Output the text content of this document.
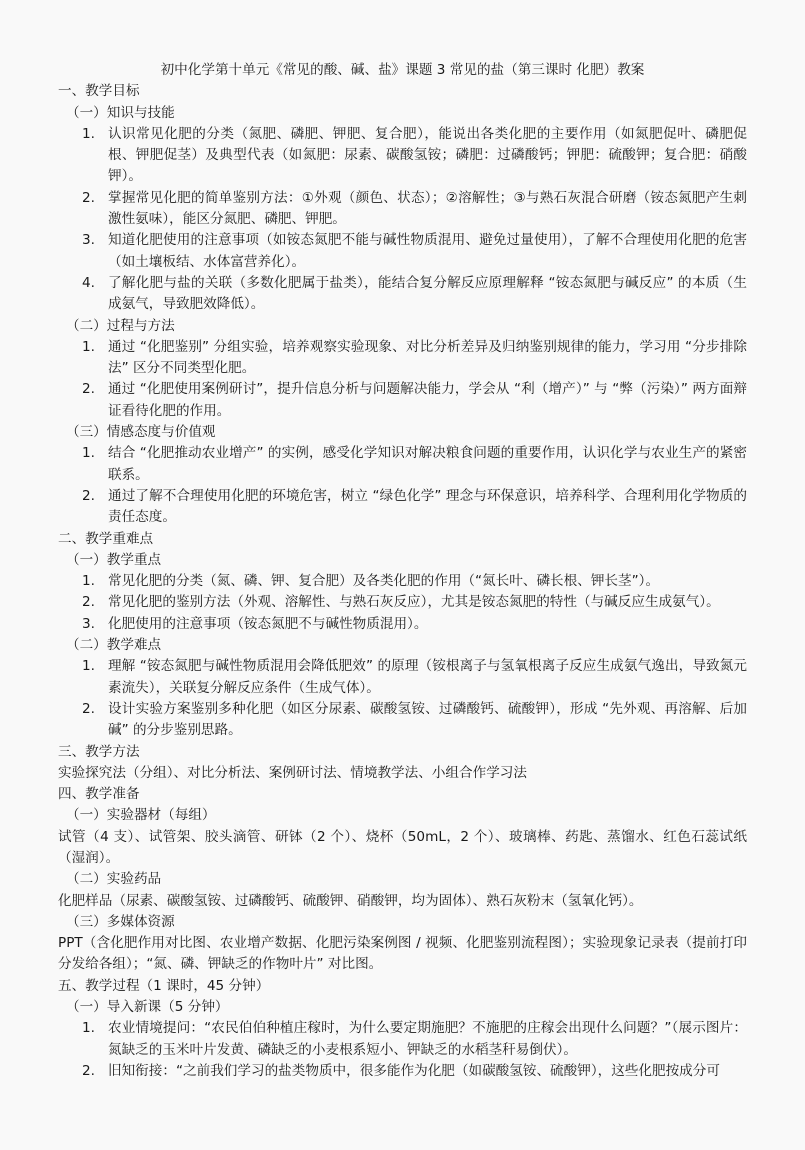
初中化学第十单元《常见的酸、碱、盐》课题 3 常见的盐（第三课时 化肥）教案
一、教学目标
（一）知识与技能
1. 认识常见化肥的分类（氮肥、磷肥、钾肥、复合肥），能说出各类化肥的主要作用（如氮肥促叶、磷肥促根、钾肥促茎）及典型代表（如氮肥：尿素、碳酸氢铵；磷肥：过磷酸钙；钾肥：硫酸钾；复合肥：硝酸钾）。
2. 掌握常见化肥的简单鉴别方法：①外观（颜色、状态）；②溶解性；③与熟石灰混合研磨（铵态氮肥产生刺激性氨味），能区分氮肥、磷肥、钾肥。
3. 知道化肥使用的注意事项（如铵态氮肥不能与碱性物质混用、避免过量使用），了解不合理使用化肥的危害（如土壤板结、水体富营养化）。
4. 了解化肥与盐的关联（多数化肥属于盐类），能结合复分解反应原理解释 “铵态氮肥与碱反应” 的本质（生成氨气，导致肥效降低）。
（二）过程与方法
1. 通过 “化肥鉴别” 分组实验，培养观察实验现象、对比分析差异及归纳鉴别规律的能力，学习用 “分步排除法” 区分不同类型化肥。
2. 通过 “化肥使用案例研讨”，提升信息分析与问题解决能力，学会从 “利（增产）” 与 “弊（污染）” 两方面辩证看待化肥的作用。
（三）情感态度与价值观
1. 结合 “化肥推动农业增产” 的实例，感受化学知识对解决粮食问题的重要作用，认识化学与农业生产的紧密联系。
2. 通过了解不合理使用化肥的环境危害，树立 “绿色化学” 理念与环保意识，培养科学、合理利用化学物质的责任态度。
二、教学重难点
（一）教学重点
1. 常见化肥的分类（氮、磷、钾、复合肥）及各类化肥的作用（“氮长叶、磷长根、钾长茎”）。
2. 常见化肥的鉴别方法（外观、溶解性、与熟石灰反应），尤其是铵态氮肥的特性（与碱反应生成氨气）。
3. 化肥使用的注意事项（铵态氮肥不与碱性物质混用）。
（二）教学难点
1. 理解 “铵态氮肥与碱性物质混用会降低肥效” 的原理（铵根离子与氢氧根离子反应生成氨气逸出，导致氮元素流失），关联复分解反应条件（生成气体）。
2. 设计实验方案鉴别多种化肥（如区分尿素、碳酸氢铵、过磷酸钙、硫酸钾），形成 “先外观、再溶解、后加碱” 的分步鉴别思路。
三、教学方法
实验探究法（分组）、对比分析法、案例研讨法、情境教学法、小组合作学习法
四、教学准备
（一）实验器材（每组）
试管（4 支）、试管架、胶头滴管、研钵（2 个）、烧杯（50mL，2 个）、玻璃棒、药匙、蒸馏水、红色石蕊试纸（湿润）。
（二）实验药品
化肥样品（尿素、碳酸氢铵、过磷酸钙、硫酸钾、硝酸钾，均为固体）、熟石灰粉末（氢氧化钙）。
（三）多媒体资源
PPT（含化肥作用对比图、农业增产数据、化肥污染案例图 / 视频、化肥鉴别流程图）；实验现象记录表（提前打印分发给各组）；“氮、磷、钾缺乏的作物叶片” 对比图。
五、教学过程（1 课时，45 分钟）
（一）导入新课（5 分钟）
1. 农业情境提问：“农民伯伯种植庄稼时，为什么要定期施肥？不施肥的庄稼会出现什么问题？”（展示图片：氮缺乏的玉米叶片发黄、磷缺乏的小麦根系短小、钾缺乏的水稻茎秆易倒伏）。
2. 旧知衔接：“之前我们学习的盐类物质中，很多能作为化肥（如碳酸氢铵、硫酸钾），这些化肥按成分可
